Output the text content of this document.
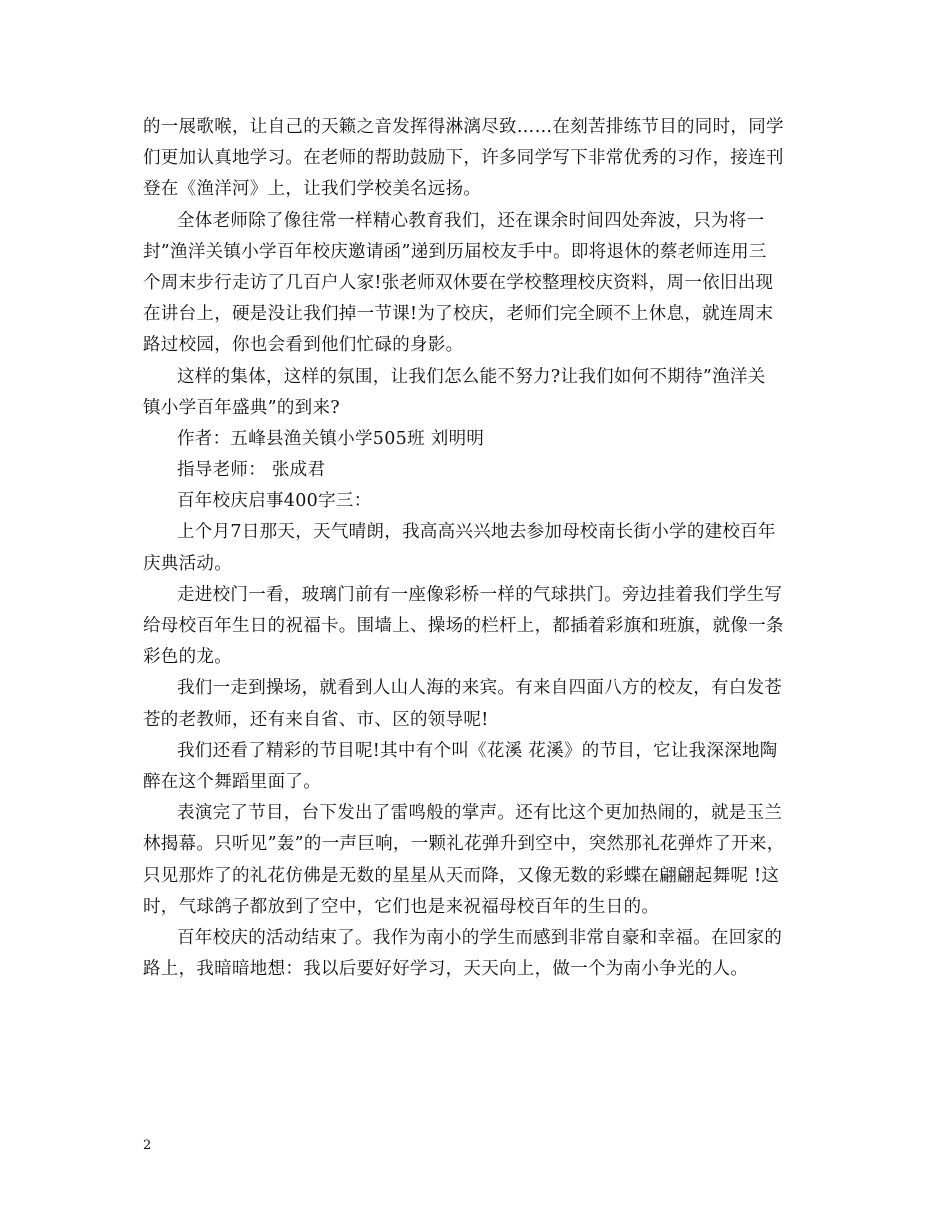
的一展歌喉，让自己的天籁之音发挥得淋漓尽致……在刻苦排练节目的同时，同学
们更加认真地学习。在老师的帮助鼓励下，许多同学写下非常优秀的习作，接连刊
登在《渔洋河》上，让我们学校美名远扬。
全体老师除了像往常一样精心教育我们，还在课余时间四处奔波，只为将一
封”渔洋关镇小学百年校庆邀请函”递到历届校友手中。即将退休的蔡老师连用三
个周末步行走访了几百户人家!张老师双休要在学校整理校庆资料，周一依旧出现
在讲台上，硬是没让我们掉一节课!为了校庆，老师们完全顾不上休息，就连周末
路过校园，你也会看到他们忙碌的身影。
这样的集体，这样的氛围，让我们怎么能不努力?让我们如何不期待”渔洋关
镇小学百年盛典”的到来?
作者：五峰县渔关镇小学505班 刘明明
指导老师： 张成君
百年校庆启事400字三：
上个月7日那天，天气晴朗，我高高兴兴地去参加母校南长街小学的建校百年
庆典活动。
走进校门一看，玻璃门前有一座像彩桥一样的气球拱门。旁边挂着我们学生写
给母校百年生日的祝福卡。围墙上、操场的栏杆上，都插着彩旗和班旗，就像一条
彩色的龙。
我们一走到操场，就看到人山人海的来宾。有来自四面八方的校友，有白发苍
苍的老教师，还有来自省、市、区的领导呢!
我们还看了精彩的节目呢!其中有个叫《花溪 花溪》的节目，它让我深深地陶
醉在这个舞蹈里面了。
表演完了节目，台下发出了雷鸣般的掌声。还有比这个更加热闹的，就是玉兰
林揭幕。只听见”轰”的一声巨响，一颗礼花弹升到空中，突然那礼花弹炸了开来，
只见那炸了的礼花仿佛是无数的星星从天而降，又像无数的彩蝶在翩翩起舞呢 !这
时，气球鸽子都放到了空中，它们也是来祝福母校百年的生日的。
百年校庆的活动结束了。我作为南小的学生而感到非常自豪和幸福。在回家的
路上，我暗暗地想：我以后要好好学习，天天向上，做一个为南小争光的人。
2
